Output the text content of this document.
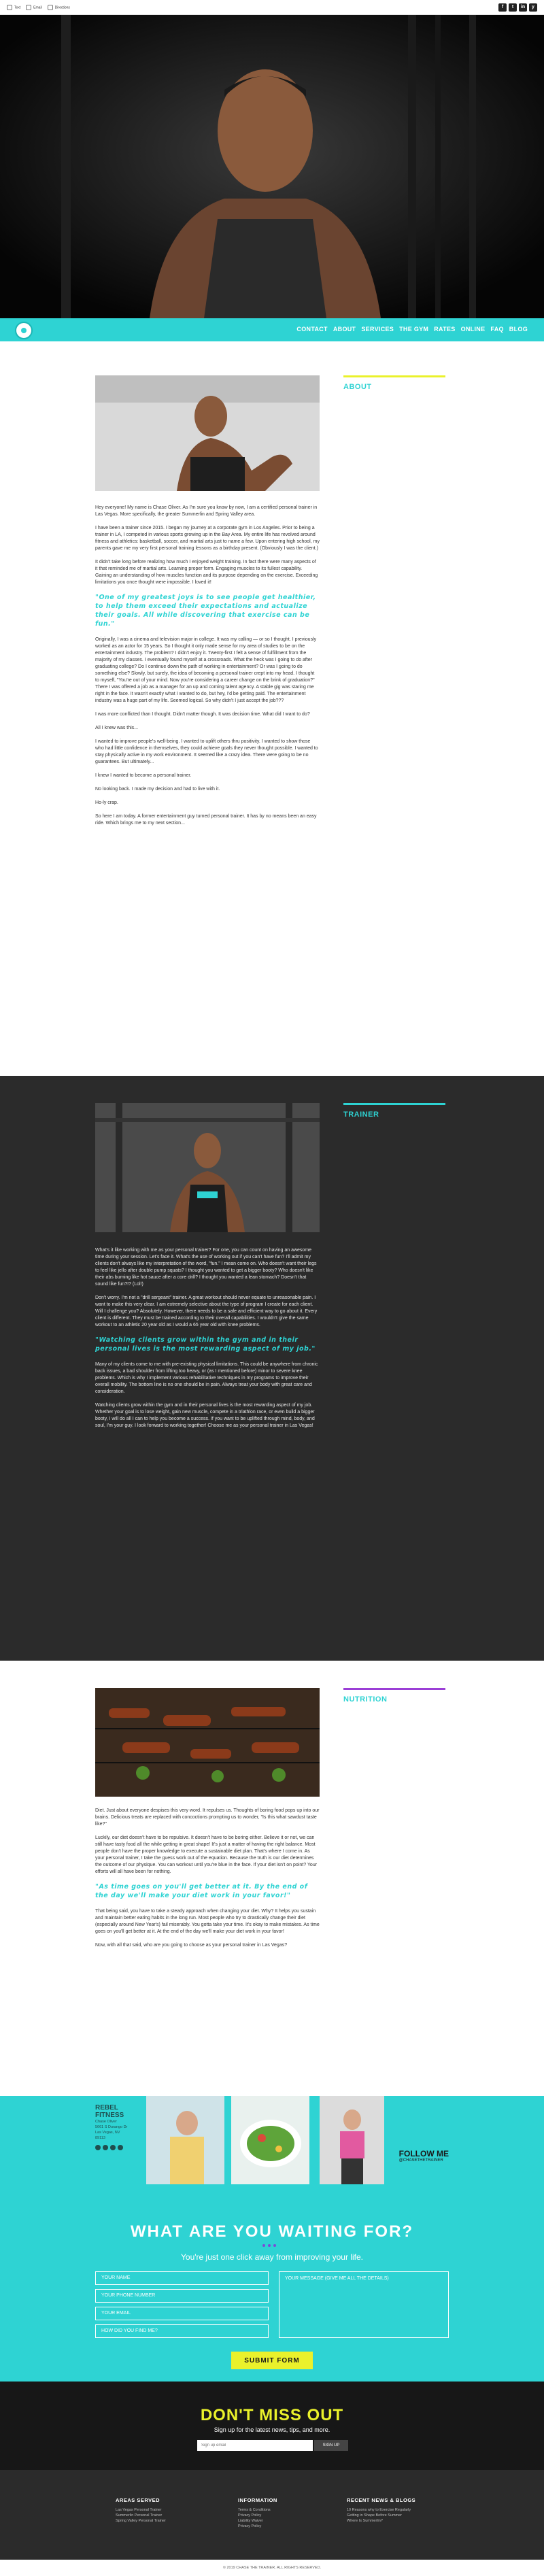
Text	Email	Directions	f	t	in	y
CONTACT ABOUT SERVICES THE GYM RATES ONLINE FAQ BLOG
ABOUT

Hey everyone! My name is Chase Oliver. As I'm sure you know by now, I am a certified personal trainer in Las Vegas. More specifically, the greater Summerlin and Spring Valley area.

I have been a trainer since 2015. I began my journey at a corporate gym in Los Angeles. Prior to being a trainer in LA, I competed in various sports growing up in the Bay Area. My entire life has revolved around fitness and athletics: basketball, soccer, and martial arts just to name a few. Upon entering high school, my parents gave me my very first personal training lessons as a birthday present. (Obviously I was the client.)

It didn't take long before realizing how much I enjoyed weight training. In fact there were many aspects of it that reminded me of martial arts. Learning proper form. Engaging muscles to its fullest capability. Gaining an understanding of how muscles function and its purpose depending on the exercise. Exceeding limitations you once thought were impossible. I loved it!

"One of my greatest joys is to see people get healthier, to help them exceed their expectations and actualize their goals. All while discovering that exercise can be fun."

Originally, I was a cinema and television major in college. It was my calling — or so I thought. I previously worked as an actor for 15 years. So I thought it only made sense for my area of studies to be on the entertainment industry. The problem? I didn't enjoy it. Twenty-first I felt a sense of fulfillment from the majority of my classes. I eventually found myself at a crossroads. What the heck was I going to do after graduating college? Do I continue down the path of working in entertainment? Or was I going to do something else? Slowly, but surely, the idea of becoming a personal trainer crept into my head. I thought to myself, "You're out of your mind. Now you're considering a career change on the brink of graduation?" There I was offered a job as a manager for an up and coming talent agency. A stable gig was staring me right in the face. It wasn't exactly what I wanted to do, but hey, I'd be getting paid. The entertainment industry was a huge part of my life. Seemed logical. So why didn't I just accept the job???

I was more conflicted than I thought. Didn't matter though. It was decision time. What did I want to do?

All I knew was this...

I wanted to improve people's well-being. I wanted to uplift others thru positivity. I wanted to show those who had little confidence in themselves, they could achieve goals they never thought possible. I wanted to stay physically active in my work environment. It seemed like a crazy idea. There were going to be no guarantees. But ultimately...

I knew I wanted to become a personal trainer.

No looking back. I made my decision and had to live with it.

Ho-ly crap.

So here I am today. A former entertainment guy turned personal trainer. It has by no means been an easy ride. Which brings me to my next section...

TRAINER

What's it like working with me as your personal trainer? For one, you can count on having an awesome time during your session. Let's face it. What's the use of working out if you can't have fun? I'll admit my clients don't always like my interpretation of the word, "fun." I mean come on. Who doesn't want their legs to feel like jello after double pump squats? I thought you wanted to get a bigger booty? Who doesn't like their abs burning like hot sauce after a core drill? I thought you wanted a lean stomach? Doesn't that sound like fun?!? (Lol!)

Don't worry. I'm not a "drill sergeant" trainer. A great workout should never equate to unreasonable pain. I want to make this very clear. I am extremely selective about the type of program I create for each client. Will I challenge you? Absolutely. However, there needs to be a safe and efficient way to go about it. Every client is different. They must be trained according to their overall capabilities. I wouldn't give the same workout to an athletic 20 year old as I would a 65 year old with knee problems.

"Watching clients grow within the gym and in their personal lives is the most rewarding aspect of my job."

Many of my clients come to me with pre-existing physical limitations. This could be anywhere from chronic back issues, a bad shoulder from lifting too heavy, or (as I mentioned before) minor to severe knee problems. Which is why I implement various rehabilitative techniques in my programs to improve their overall mobility. The bottom line is no one should be in pain. Always treat your body with great care and consideration.

Watching clients grow within the gym and in their personal lives is the most rewarding aspect of my job. Whether your goal is to lose weight, gain new muscle, compete in a triathlon race, or even build a bigger booty, I will do all I can to help you become a success. If you want to be uplifted through mind, body, and soul, I'm your guy. I look forward to working together! Choose me as your personal trainer in Las Vegas!

NUTRITION

Diet. Just about everyone despises this very word. It repulses us. Thoughts of boring food pops up into our brains. Delicious treats are replaced with concoctions prompting us to wonder, "Is this what sawdust taste like?"

Luckily, our diet doesn't have to be repulsive. It doesn't have to be boring either. Believe it or not, we can still have tasty food all the while getting in great shape! It's just a matter of having the right balance. Most people don't have the proper knowledge to execute a sustainable diet plan. That's where I come in. As your personal trainer, I take the guess work out of the equation. Because the truth is our diet determines the outcome of our physique. You can workout until you're blue in the face. If your diet isn't on point? Your efforts will all have been for nothing.

"As time goes on you'll get better at it. By the end of the day we'll make your diet work in your favor!"

That being said, you have to take a steady approach when changing your diet. Why? It helps you sustain and maintain better eating habits in the long run. Most people who try to drastically change their diet (especially around New Year's) fail miserably. You gotta take your time. It's okay to make mistakes. As time goes on you'll get better at it. At the end of the day we'll make your diet work in your favor!

Now, with all that said, who are you going to choose as your personal trainer in Las Vegas?

REBEL FITNESS
Chase Oliver
5661 S Durango Dr
Las Vegas, NV
89113
FOLLOW ME
@CHASETHETRAINER
WHAT ARE YOU WAITING FOR?
You're just one click away from improving your life.
YOUR NAME
YOUR PHONE NUMBER
YOUR EMAIL
HOW DID YOU FIND ME?
YOUR MESSAGE (GIVE ME ALL THE DETAILS)
SUBMIT FORM
DON'T MISS OUT
Sign up for the latest news, tips, and more.
Sign up email
SIGN UP
AREAS SERVED
Las Vegas Personal Trainer
Summerlin Personal Trainer
Spring Valley Personal Trainer
INFORMATION
Terms & Conditions
Privacy Policy
Liability Waiver
Privacy Policy
RECENT NEWS & BLOGS
10 Reasons why to Exercise Regularly
Getting in Shape Before Summer
Where Is Summerlin?
© 2019 CHASE THE TRAINER. ALL RIGHTS RESERVED.
